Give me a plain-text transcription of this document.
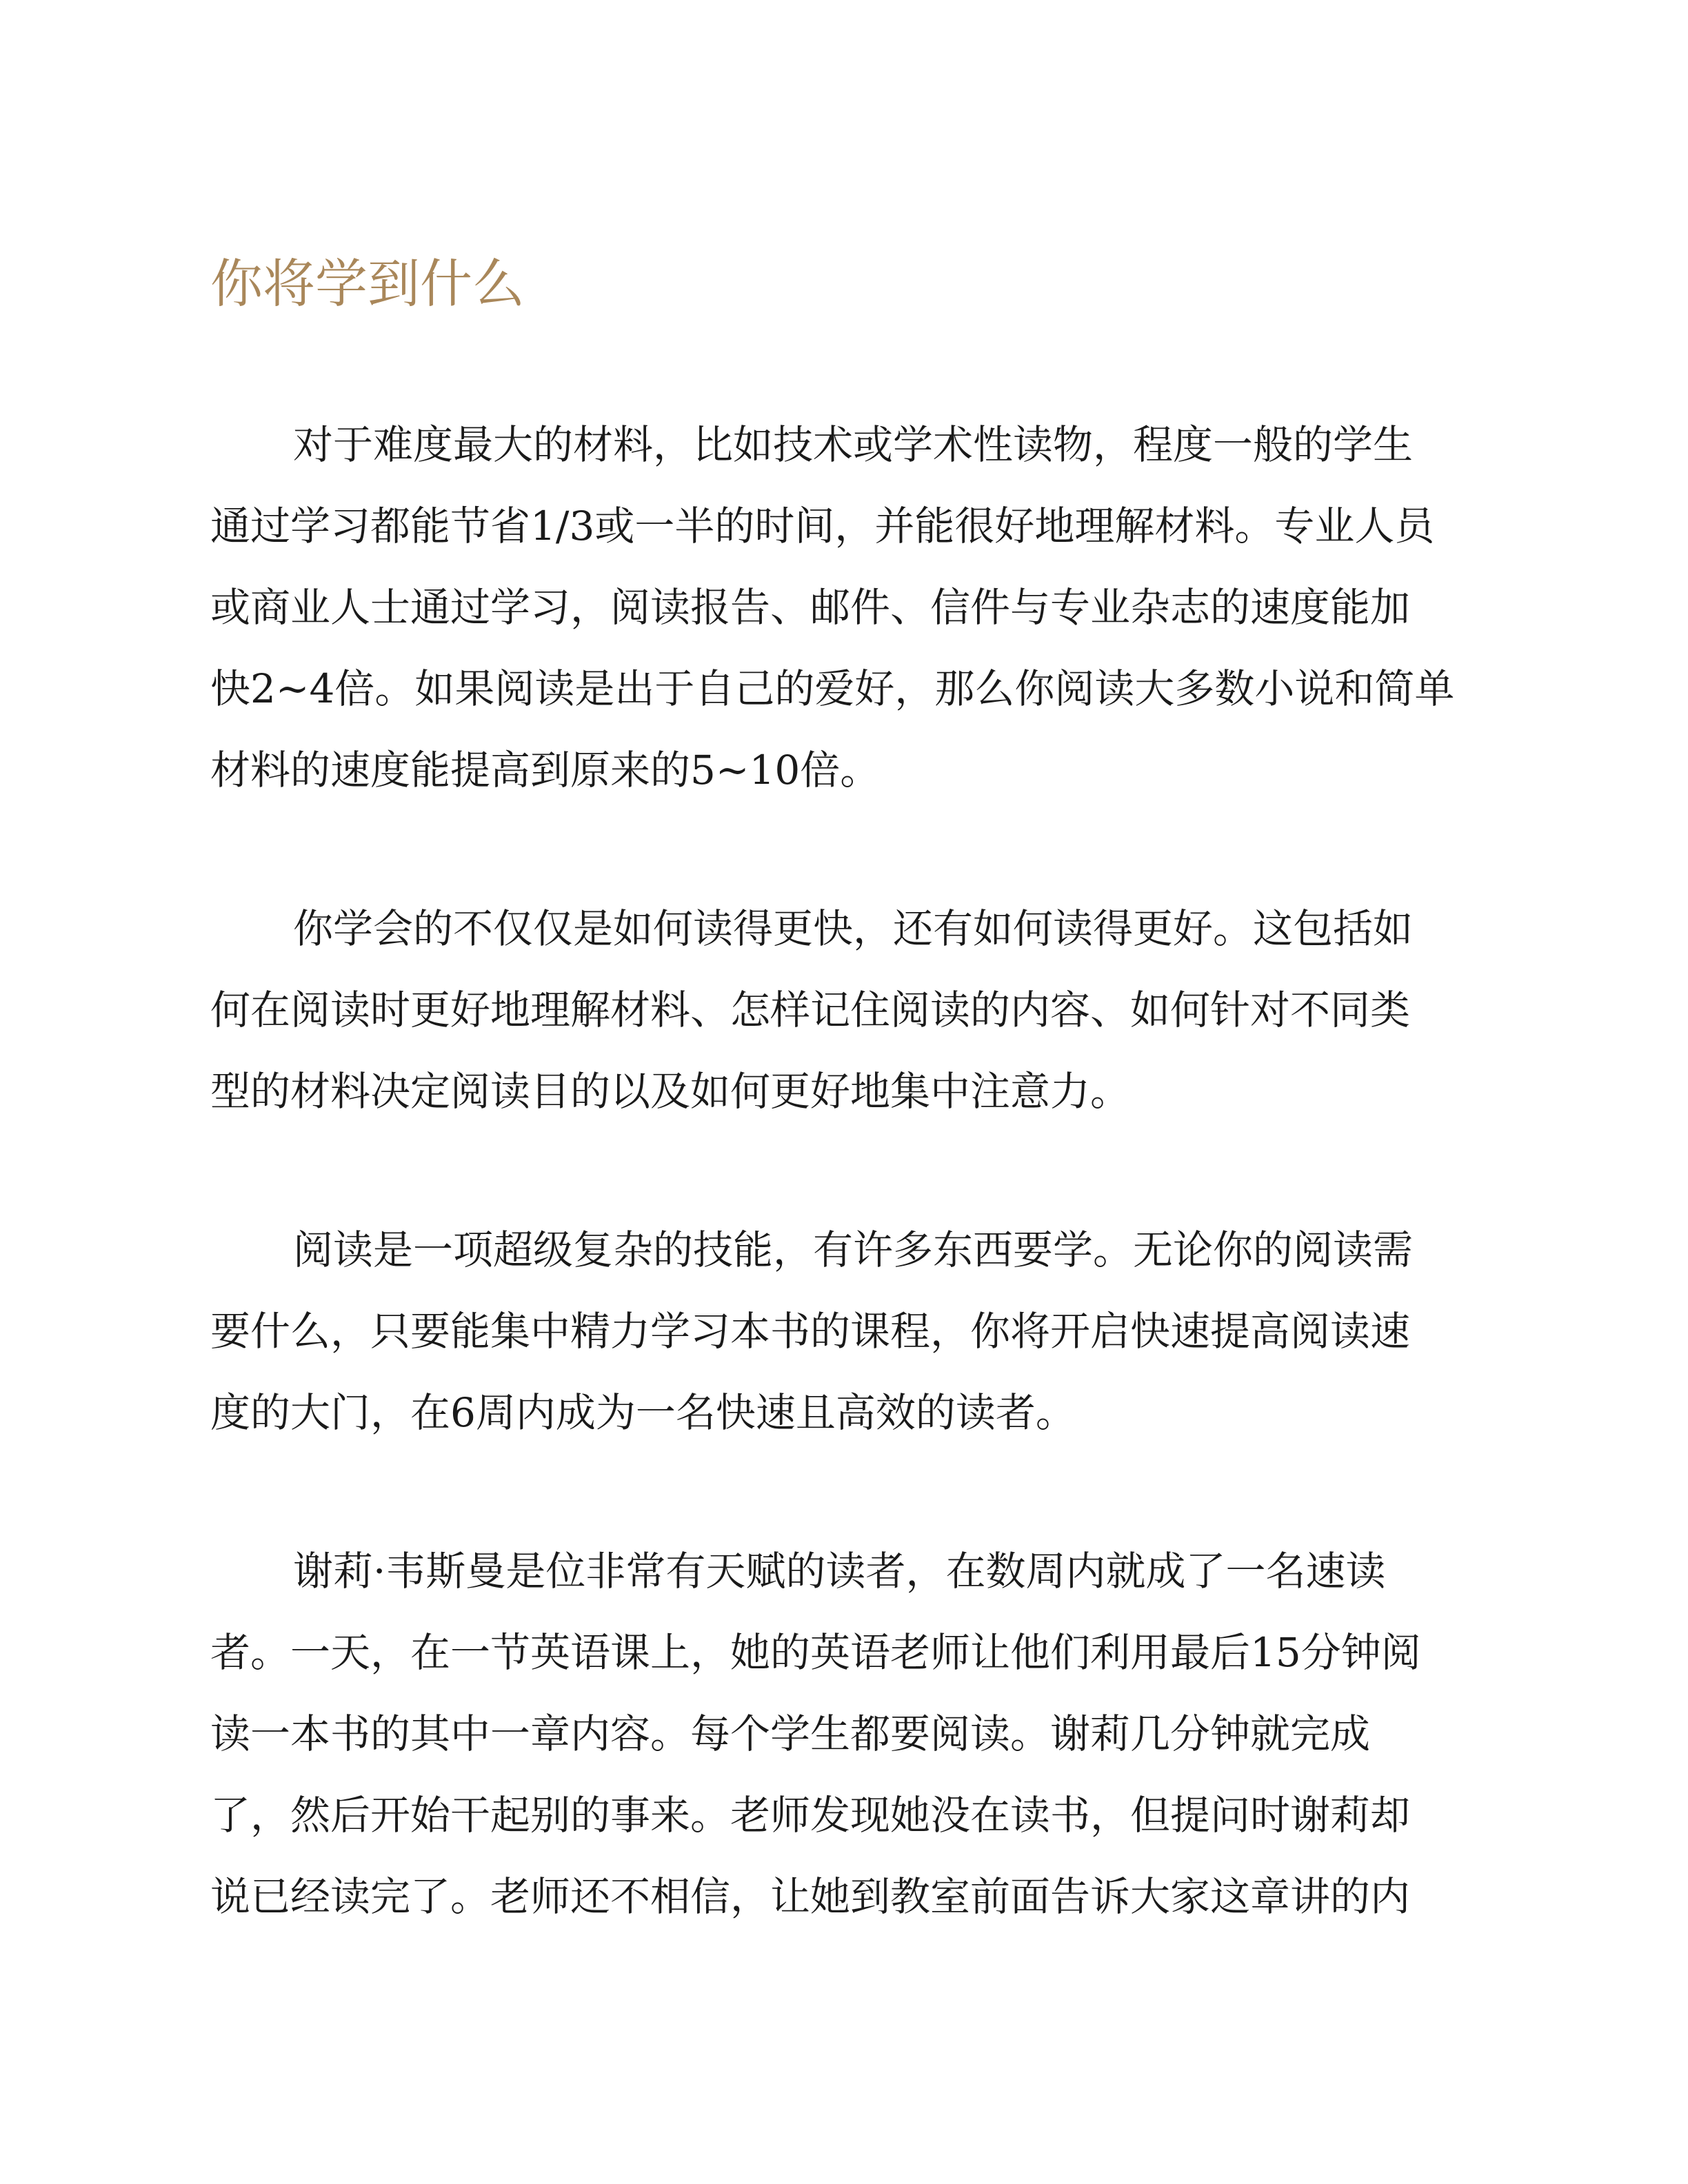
你将学到什么

对于难度最大的材料，比如技术或学术性读物，程度一般的学生
通过学习都能节省1/3或一半的时间，并能很好地理解材料。专业人员
或商业人士通过学习，阅读报告、邮件、信件与专业杂志的速度能加
快2~4倍。如果阅读是出于自己的爱好，那么你阅读大多数小说和简单
材料的速度能提高到原来的5~10倍。

你学会的不仅仅是如何读得更快，还有如何读得更好。这包括如
何在阅读时更好地理解材料、怎样记住阅读的内容、如何针对不同类
型的材料决定阅读目的以及如何更好地集中注意力。

阅读是一项超级复杂的技能，有许多东西要学。无论你的阅读需
要什么，只要能集中精力学习本书的课程，你将开启快速提高阅读速
度的大门，在6周内成为一名快速且高效的读者。

谢莉·韦斯曼是位非常有天赋的读者，在数周内就成了一名速读
者。一天，在一节英语课上，她的英语老师让他们利用最后15分钟阅
读一本书的其中一章内容。每个学生都要阅读。谢莉几分钟就完成
了，然后开始干起别的事来。老师发现她没在读书，但提问时谢莉却
说已经读完了。老师还不相信，让她到教室前面告诉大家这章讲的内
